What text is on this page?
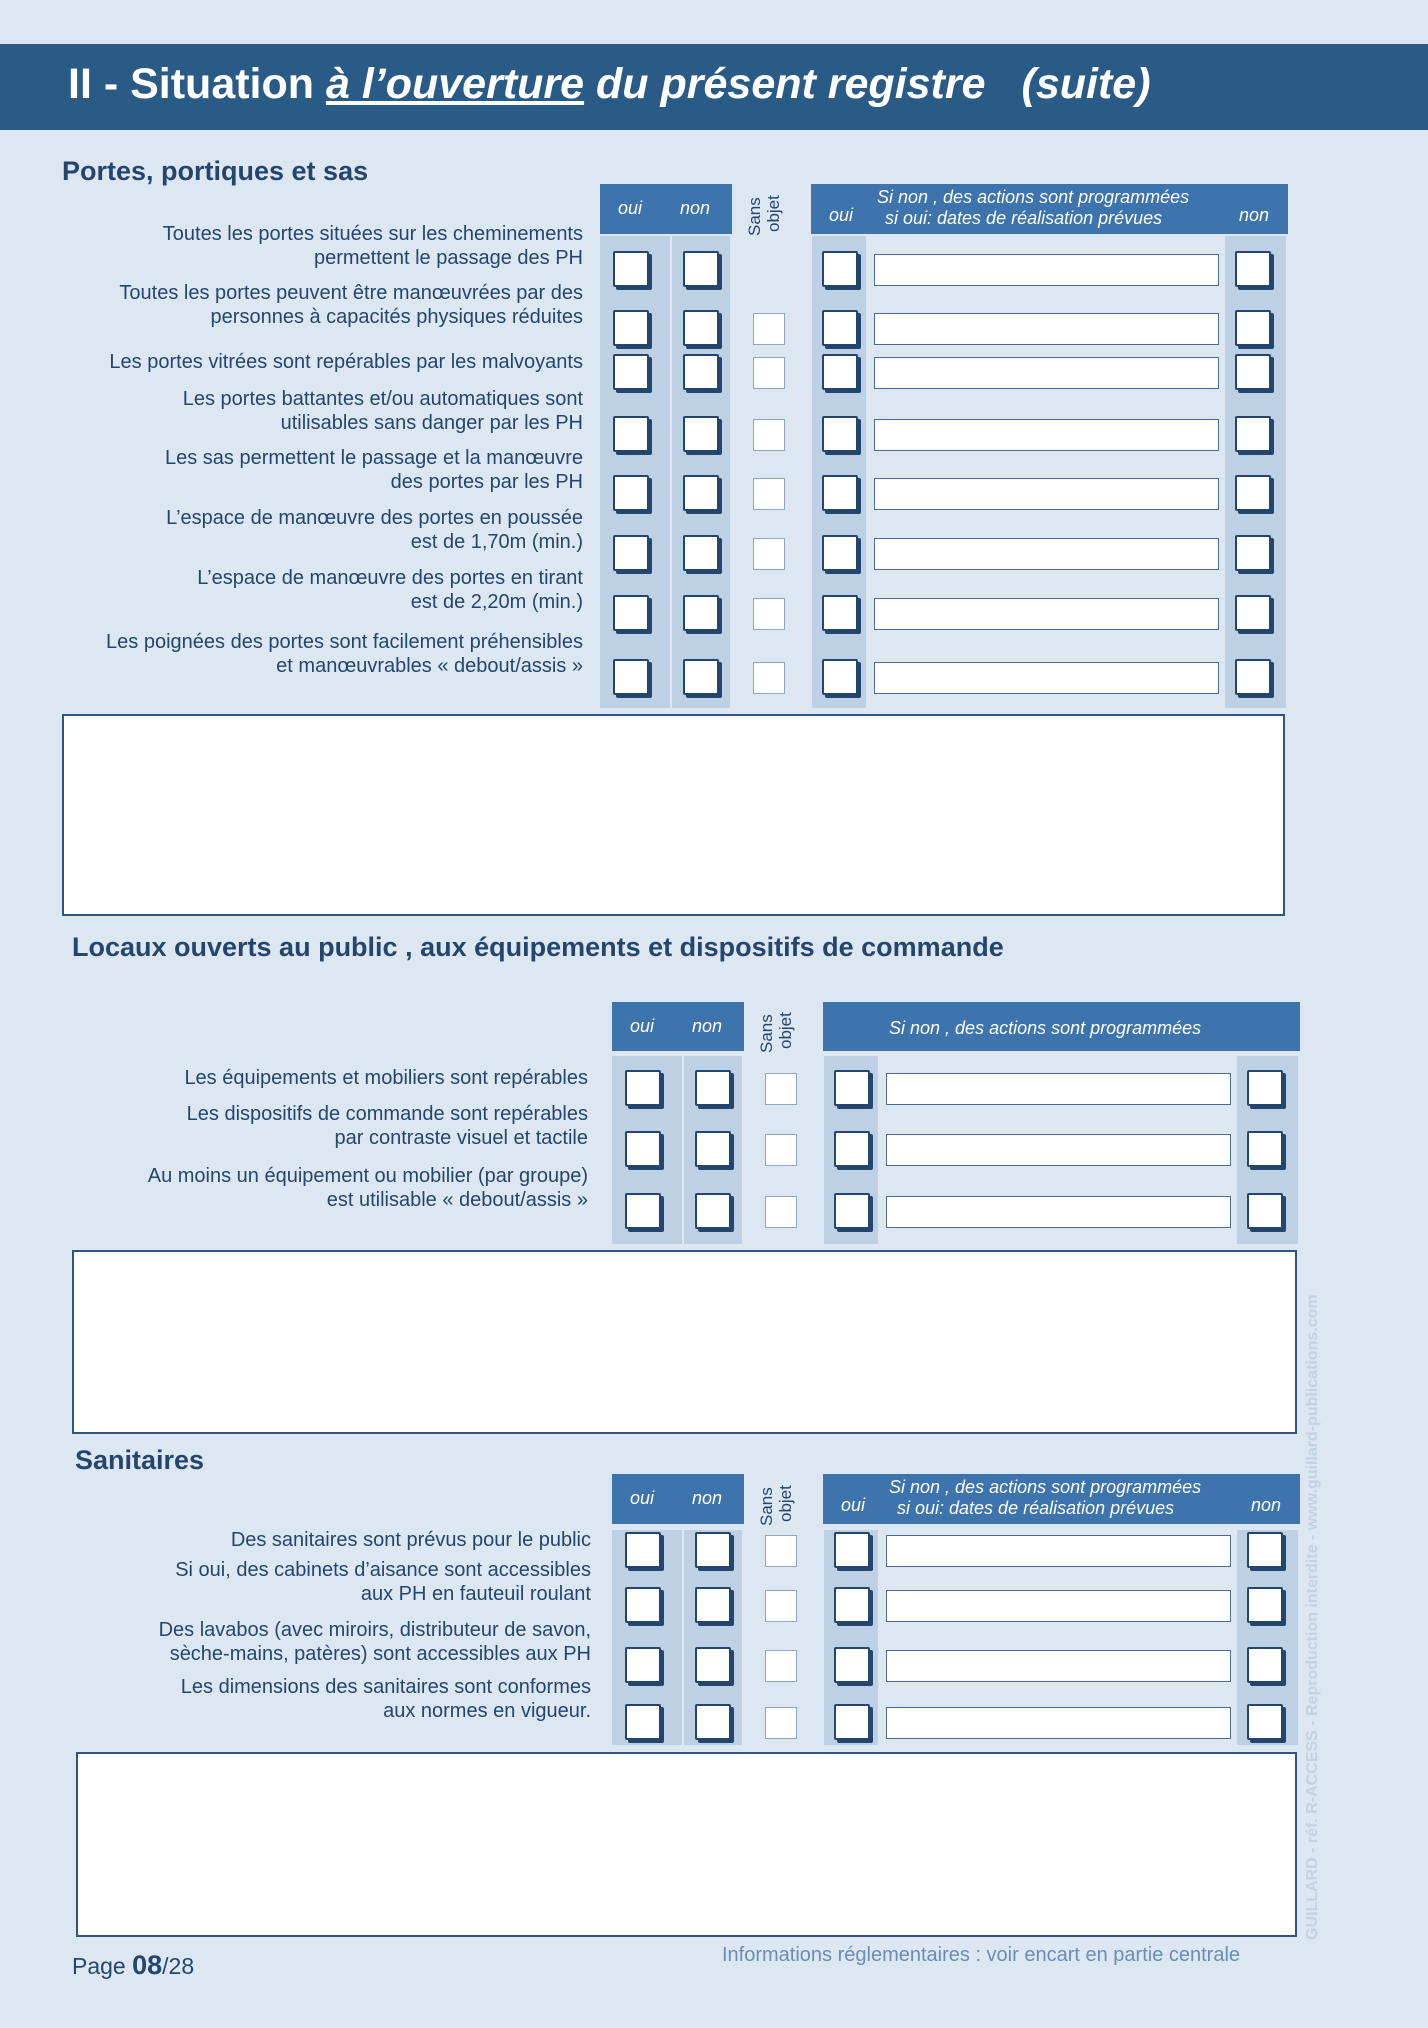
II - Situation à l’ouverture du présent registre (suite)
Portes, portiques et sas
oui non
Si non , des actions sont programmées
si oui: dates de réalisation prévues
oui	non
Sans objet
Toutes les portes situées sur les cheminements
permettent le passage des PH
Toutes les portes peuvent être manœuvrées par des
personnes à capacités physiques réduites
Les portes vitrées sont repérables par les malvoyants
Les portes battantes et/ou automatiques sont
utilisables sans danger par les PH
Les sas permettent le passage et la manœuvre
des portes par les PH
L’espace de manœuvre des portes en poussée
est de 1,70m (min.)
L’espace de manœuvre des portes en tirant
est de 2,20m (min.)
Les poignées des portes sont facilement préhensibles
et manœuvrables « debout/assis »
Locaux ouverts au public , aux équipements et dispositifs de commande
oui non	Si non , des actions sont programmées
Sans objet
Les équipements et mobiliers sont repérables
Les dispositifs de commande sont repérables
par contraste visuel et tactile
Au moins un équipement ou mobilier (par groupe)
est utilisable « debout/assis »
Sanitaires
oui non
Si non , des actions sont programmées
si oui: dates de réalisation prévues
oui	non
Sans objet
Des sanitaires sont prévus pour le public
Si oui, des cabinets d’aisance sont accessibles
aux PH en fauteuil roulant
Des lavabos (avec miroirs, distributeur de savon,
sèche-mains, patères) sont accessibles aux PH
Les dimensions des sanitaires sont conformes
aux normes en vigueur.
Page 08/28	Informations réglementaires : voir encart en partie centrale
GUILLARD - réf. R-ACCESS - Reproduction interdite - www.guillard-publications.com
